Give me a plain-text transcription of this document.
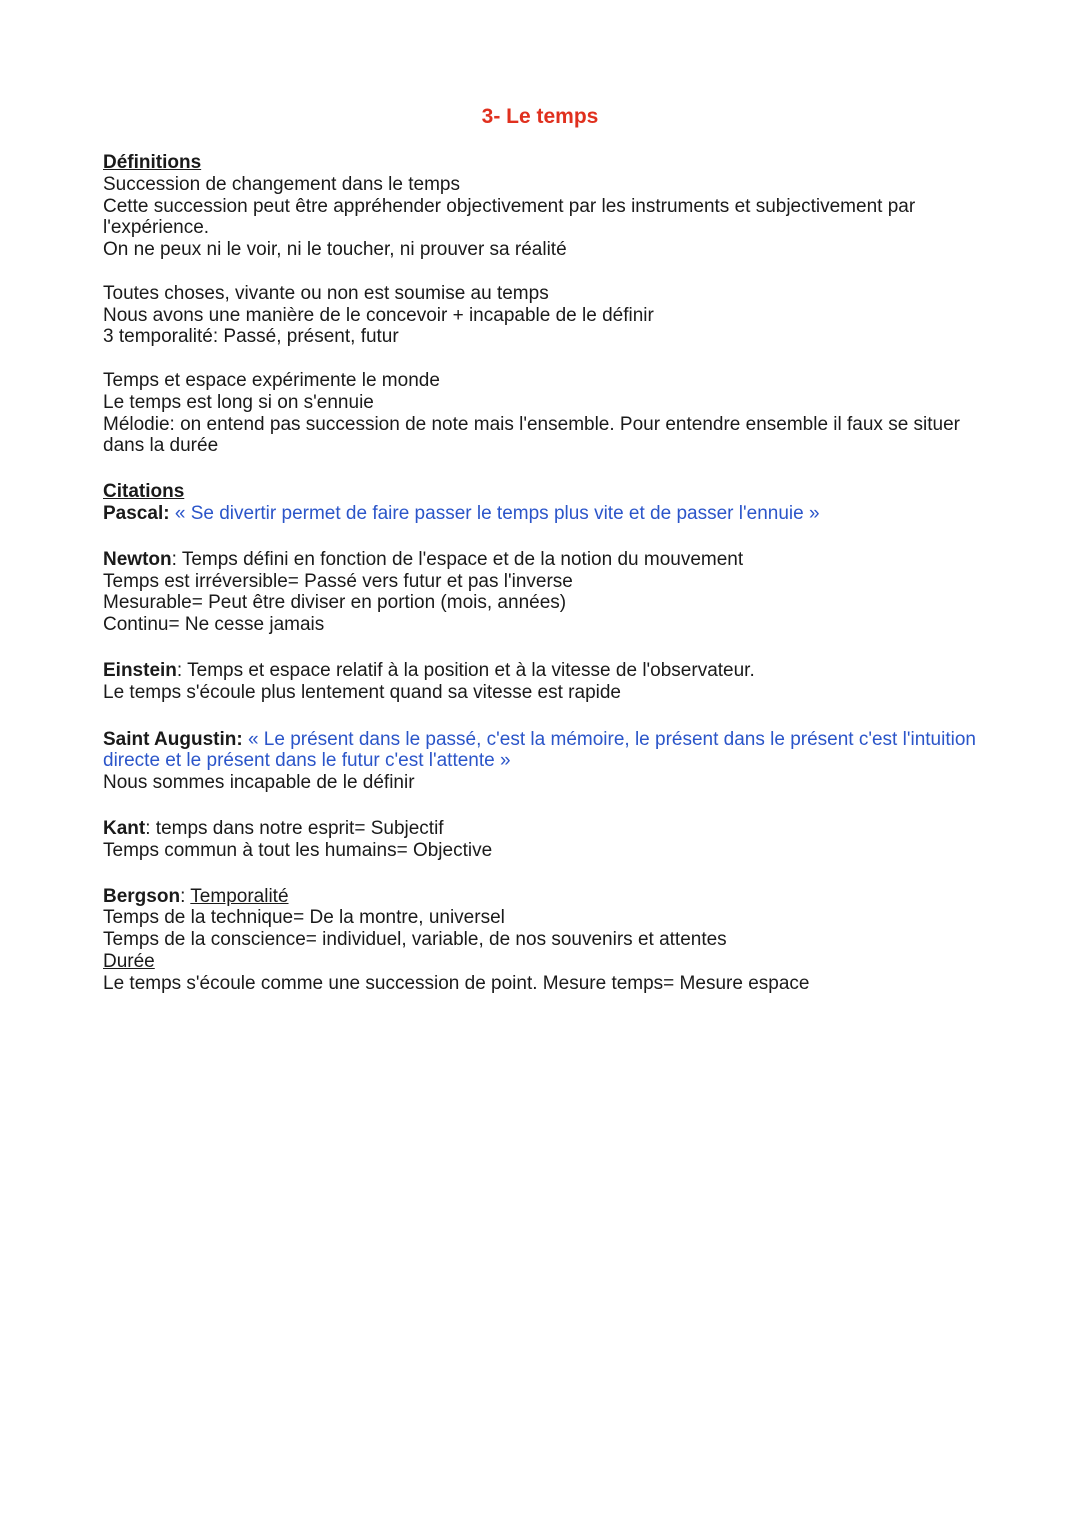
3- Le temps
Définitions
Succession de changement dans le temps
Cette succession peut être appréhender objectivement par les instruments et subjectivement par l'expérience.
On ne peux ni le voir, ni le toucher, ni prouver sa réalité
Toutes choses, vivante ou non est soumise au temps
Nous avons une manière de le concevoir + incapable de le définir
3 temporalité: Passé, présent, futur
Temps et espace expérimente le monde
Le temps est long si on s'ennuie
Mélodie: on entend pas succession de note mais l'ensemble. Pour entendre ensemble il faux se situer dans la durée
Citations
Pascal: « Se divertir permet de faire passer le temps plus vite et de passer l'ennuie »
Newton: Temps défini en fonction de l'espace et de la notion du mouvement
Temps est irréversible= Passé vers futur et pas l'inverse
Mesurable= Peut être diviser en portion (mois, années)
Continu= Ne cesse jamais
Einstein: Temps et espace relatif à la position et à la vitesse de l'observateur.
Le temps s'écoule plus lentement quand sa vitesse est rapide
Saint Augustin: « Le présent dans le passé, c'est la mémoire, le présent dans le présent c'est l'intuition directe et le présent dans le futur c'est l'attente »
Nous sommes incapable de le définir
Kant: temps dans notre esprit= Subjectif
Temps commun à tout les humains= Objective
Bergson: Temporalité
Temps de la technique= De la montre, universel
Temps de la conscience= individuel, variable, de nos souvenirs et attentes
Durée
Le temps s'écoule comme une succession de point. Mesure temps= Mesure espace
